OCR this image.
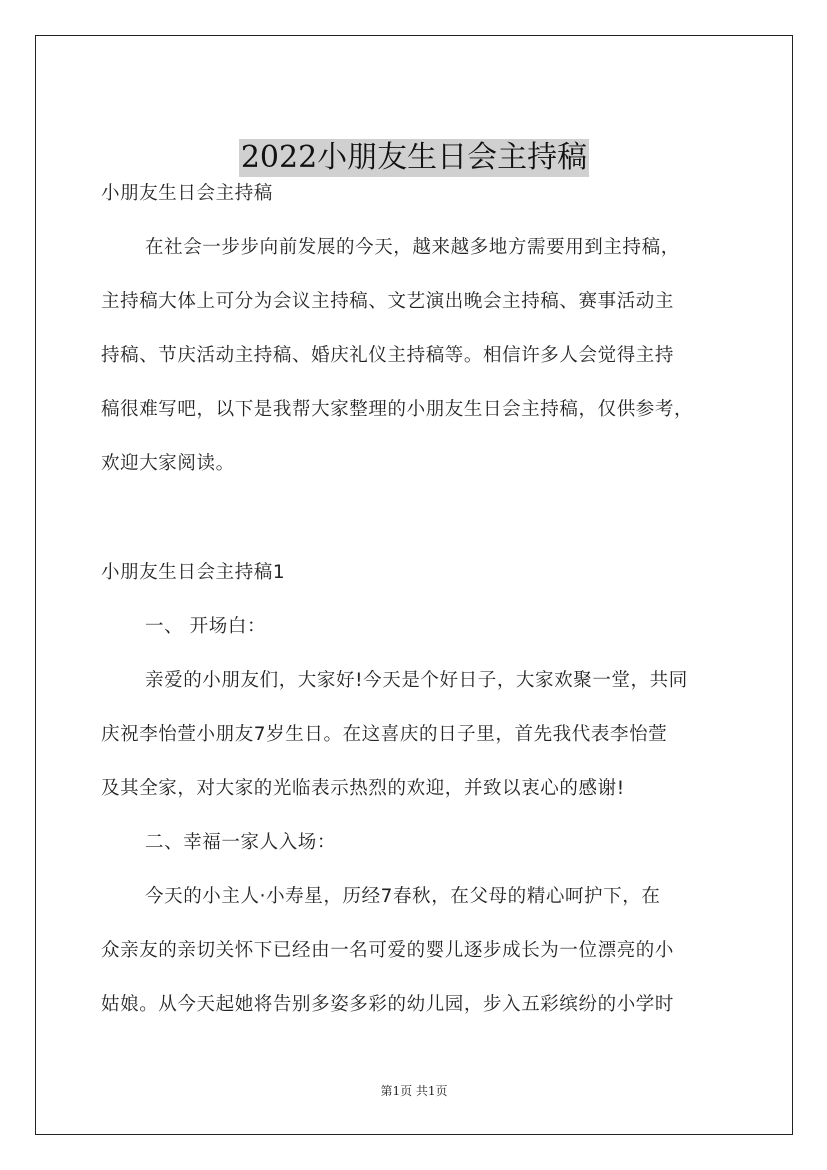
2022小朋友生日会主持稿
小朋友生日会主持稿
在社会一步步向前发展的今天，越来越多地方需要用到主持稿，
主持稿大体上可分为会议主持稿、文艺演出晚会主持稿、赛事活动主
持稿、节庆活动主持稿、婚庆礼仪主持稿等。相信许多人会觉得主持
稿很难写吧，以下是我帮大家整理的小朋友生日会主持稿，仅供参考，
欢迎大家阅读。
小朋友生日会主持稿1
一、 开场白：
亲爱的小朋友们，大家好!今天是个好日子，大家欢聚一堂，共同
庆祝李怡萱小朋友7岁生日。在这喜庆的日子里，首先我代表李怡萱
及其全家，对大家的光临表示热烈的欢迎，并致以衷心的感谢!
二、幸福一家人入场：
今天的小主人·小寿星，历经7春秋，在父母的精心呵护下，在
众亲友的亲切关怀下已经由一名可爱的婴儿逐步成长为一位漂亮的小
姑娘。从今天起她将告别多姿多彩的幼儿园，步入五彩缤纷的小学时
第1页 共1页
